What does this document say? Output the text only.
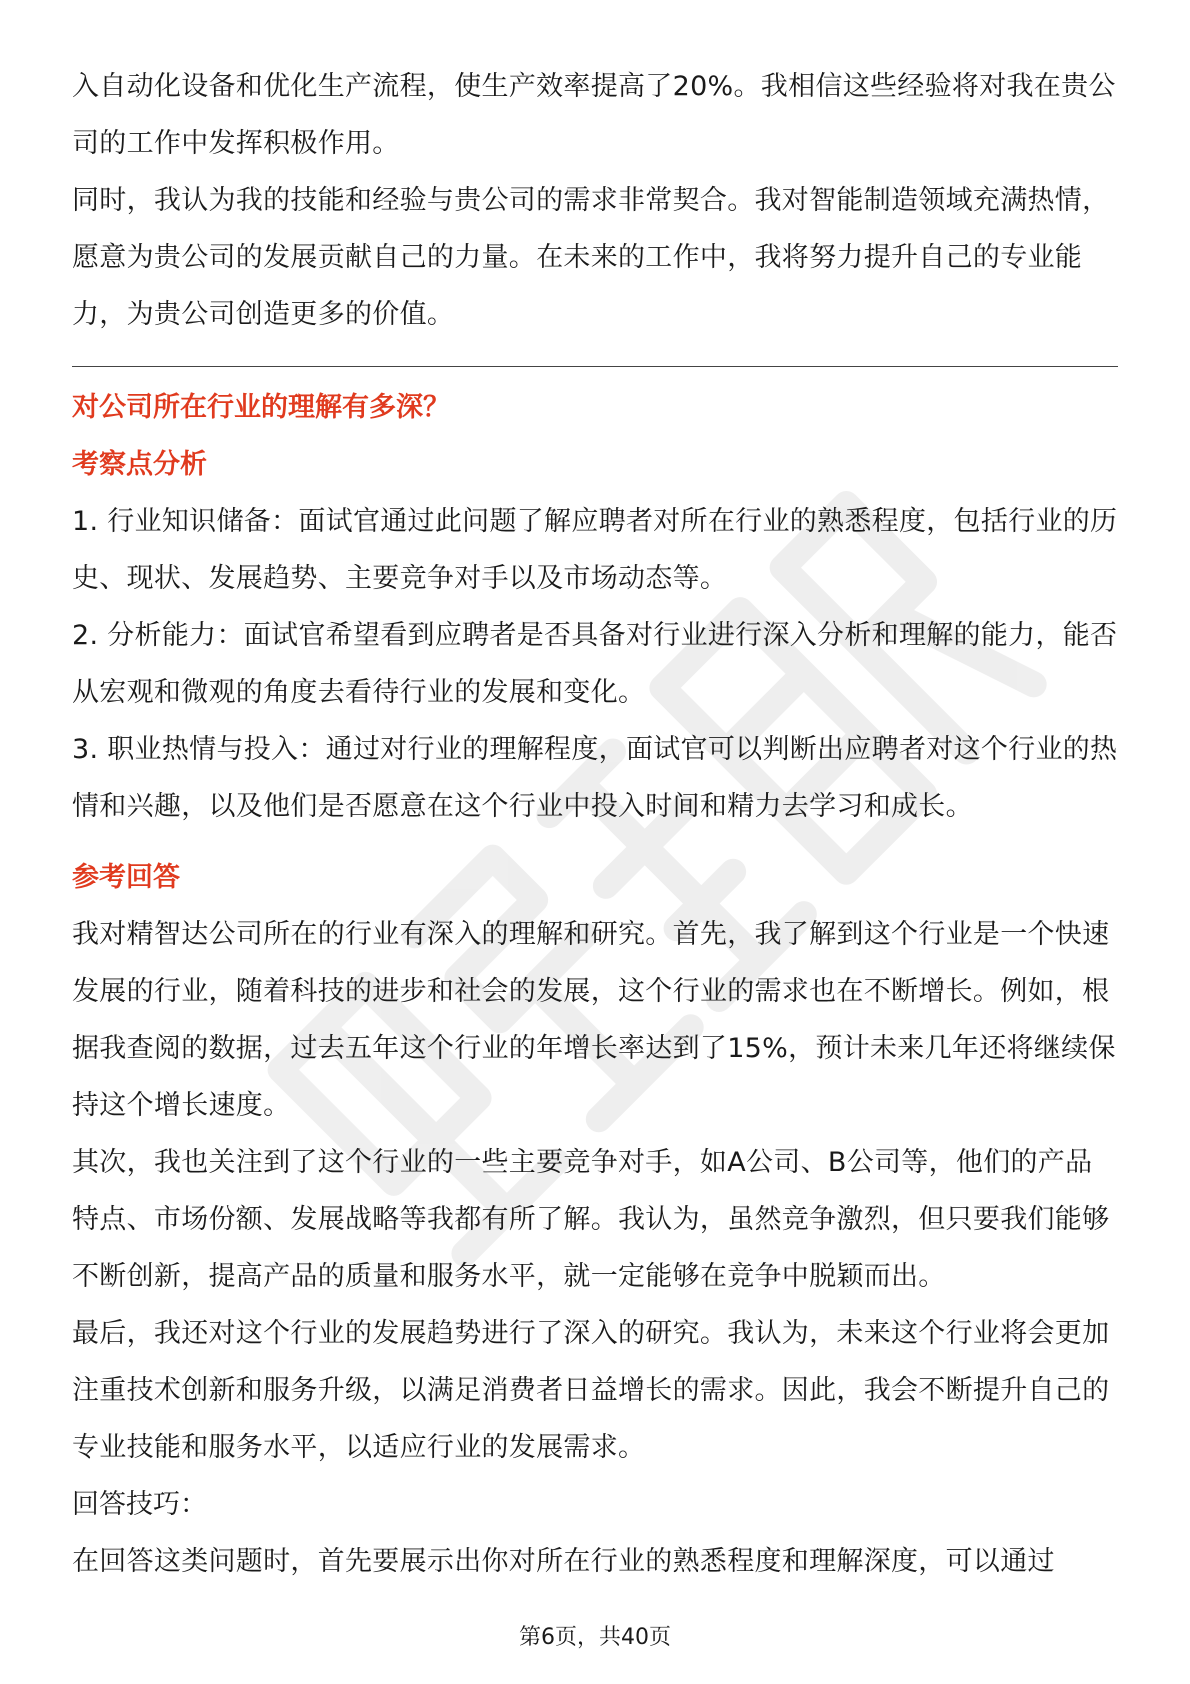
入自动化设备和优化生产流程，使生产效率提高了20%。我相信这些经验将对我在贵公司的工作中发挥积极作用。

同时，我认为我的技能和经验与贵公司的需求非常契合。我对智能制造领域充满热情，愿意为贵公司的发展贡献自己的力量。在未来的工作中，我将努力提升自己的专业能力，为贵公司创造更多的价值。

对公司所在行业的理解有多深？
考察点分析

1. 行业知识储备：面试官通过此问题了解应聘者对所在行业的熟悉程度，包括行业的历史、现状、发展趋势、主要竞争对手以及市场动态等。

2. 分析能力：面试官希望看到应聘者是否具备对行业进行深入分析和理解的能力，能否从宏观和微观的角度去看待行业的发展和变化。

3. 职业热情与投入：通过对行业的理解程度，面试官可以判断出应聘者对这个行业的热情和兴趣，以及他们是否愿意在这个行业中投入时间和精力去学习和成长。

参考回答

我对精智达公司所在的行业有深入的理解和研究。首先，我了解到这个行业是一个快速发展的行业，随着科技的进步和社会的发展，这个行业的需求也在不断增长。例如，根据我查阅的数据，过去五年这个行业的年增长率达到了15%，预计未来几年还将继续保持这个增长速度。

其次，我也关注到了这个行业的一些主要竞争对手，如A公司、B公司等，他们的产品特点、市场份额、发展战略等我都有所了解。我认为，虽然竞争激烈，但只要我们能够不断创新，提高产品的质量和服务水平，就一定能够在竞争中脱颖而出。

最后，我还对这个行业的发展趋势进行了深入的研究。我认为，未来这个行业将会更加注重技术创新和服务升级，以满足消费者日益增长的需求。因此，我会不断提升自己的专业技能和服务水平，以适应行业的发展需求。

回答技巧：

在回答这类问题时，首先要展示出你对所在行业的熟悉程度和理解深度，可以通过

第6页，共40页
